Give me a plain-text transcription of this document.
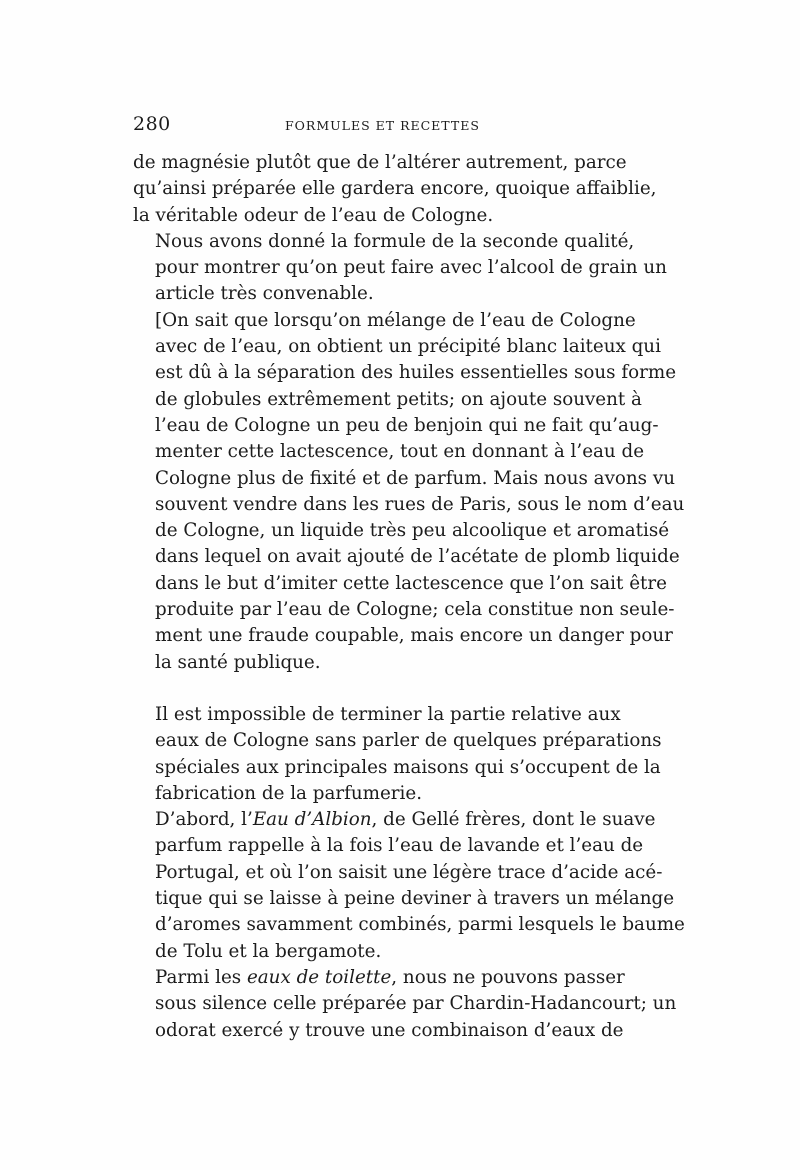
280	FORMULES ET RECETTES

de magnésie plutôt que de l’altérer autrement, parce
qu’ainsi préparée elle gardera encore, quoique affaiblie,
la véritable odeur de l’eau de Cologne.

Nous avons donné la formule de la seconde qualité,
pour montrer qu’on peut faire avec l’alcool de grain un
article très convenable.

[On sait que lorsqu’on mélange de l’eau de Cologne
avec de l’eau, on obtient un précipité blanc laiteux qui
est dû à la séparation des huiles essentielles sous forme
de globules extrêmement petits; on ajoute souvent à
l’eau de Cologne un peu de benjoin qui ne fait qu’aug-
menter cette lactescence, tout en donnant à l’eau de
Cologne plus de fixité et de parfum. Mais nous avons vu
souvent vendre dans les rues de Paris, sous le nom d’eau
de Cologne, un liquide très peu alcoolique et aromatisé
dans lequel on avait ajouté de l’acétate de plomb liquide
dans le but d’imiter cette lactescence que l’on sait être
produite par l’eau de Cologne; cela constitue non seule-
ment une fraude coupable, mais encore un danger pour
la santé publique.

Il est impossible de terminer la partie relative aux
eaux de Cologne sans parler de quelques préparations
spéciales aux principales maisons qui s’occupent de la
fabrication de la parfumerie.

D’abord, l’Eau d’Albion, de Gellé frères, dont le suave
parfum rappelle à la fois l’eau de lavande et l’eau de
Portugal, et où l’on saisit une légère trace d’acide acé-
tique qui se laisse à peine deviner à travers un mélange
d’aromes savamment combinés, parmi lesquels le baume
de Tolu et la bergamote.

Parmi les eaux de toilette, nous ne pouvons passer
sous silence celle préparée par Chardin-Hadancourt; un
odorat exercé y trouve une combinaison d’eaux de
